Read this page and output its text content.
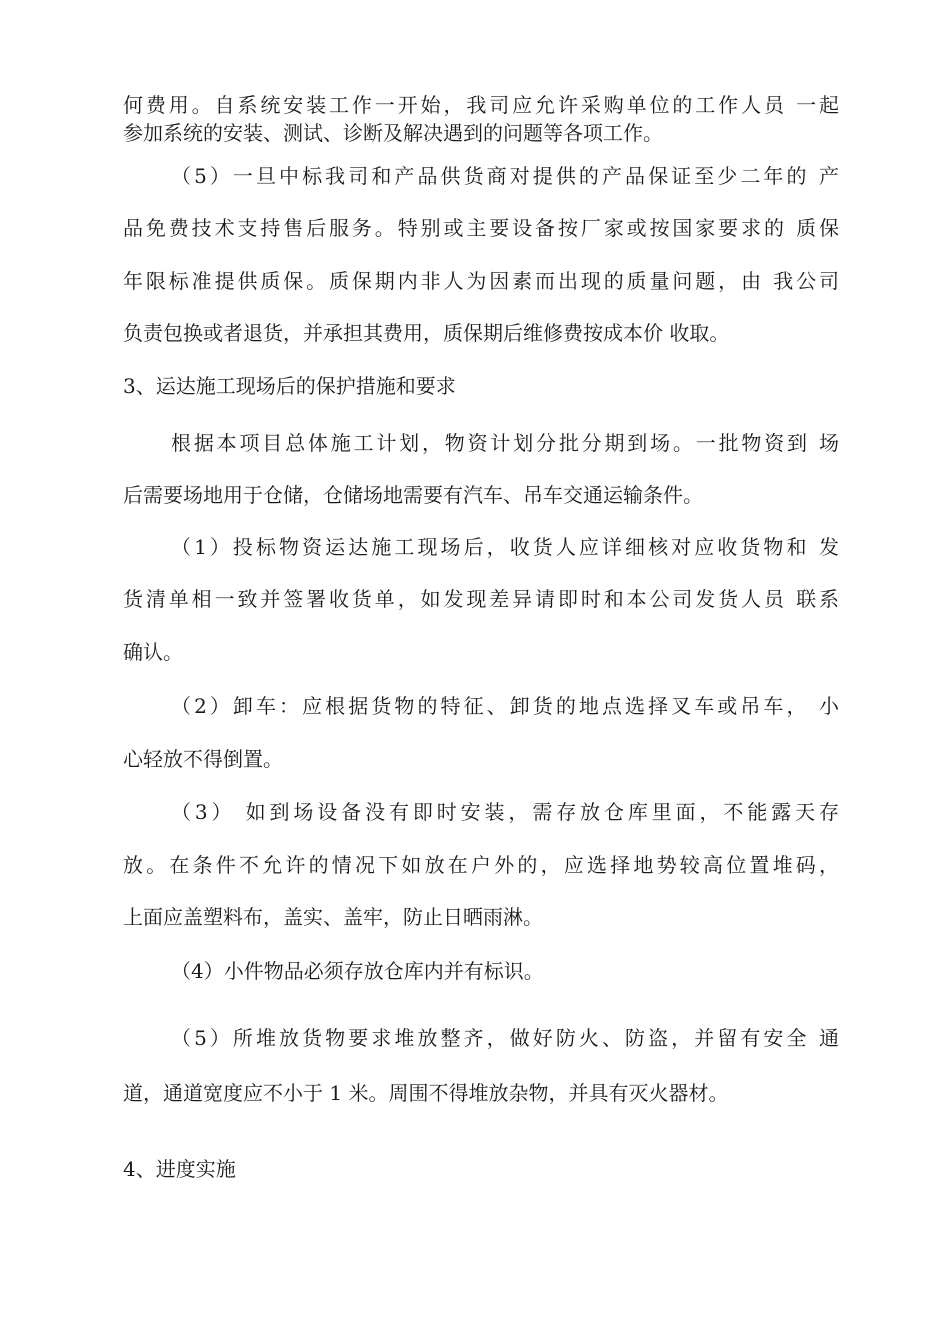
何费用。自系统安装工作一开始，我司应允许采购单位的工作人员 一起

参加系统的安装、测试、诊断及解决遇到的问题等各项工作。

（5）一旦中标我司和产品供货商对提供的产品保证至少二年的 产

品免费技术支持售后服务。特别或主要设备按厂家或按国家要求的 质保

年限标准提供质保。质保期内非人为因素而出现的质量问题，由 我公司

负责包换或者退货，并承担其费用，质保期后维修费按成本价 收取。

3、运达施工现场后的保护措施和要求

根据本项目总体施工计划，物资计划分批分期到场。一批物资到 场

后需要场地用于仓储，仓储场地需要有汽车、吊车交通运输条件。

（1）投标物资运达施工现场后，收货人应详细核对应收货物和 发

货清单相一致并签署收货单，如发现差异请即时和本公司发货人员 联系

确认。

（2）卸车：应根据货物的特征、卸货的地点选择叉车或吊车， 小

心轻放不得倒置。

（3） 如到场设备没有即时安装，需存放仓库里面，不能露天存

放。在条件不允许的情况下如放在户外的，应选择地势较高位置堆码，

上面应盖塑料布，盖实、盖牢，防止日晒雨淋。

（4）小件物品必须存放仓库内并有标识。

（5）所堆放货物要求堆放整齐，做好防火、防盗，并留有安全 通

道，通道宽度应不小于 1 米。周围不得堆放杂物，并具有灭火器材。

4、进度实施
